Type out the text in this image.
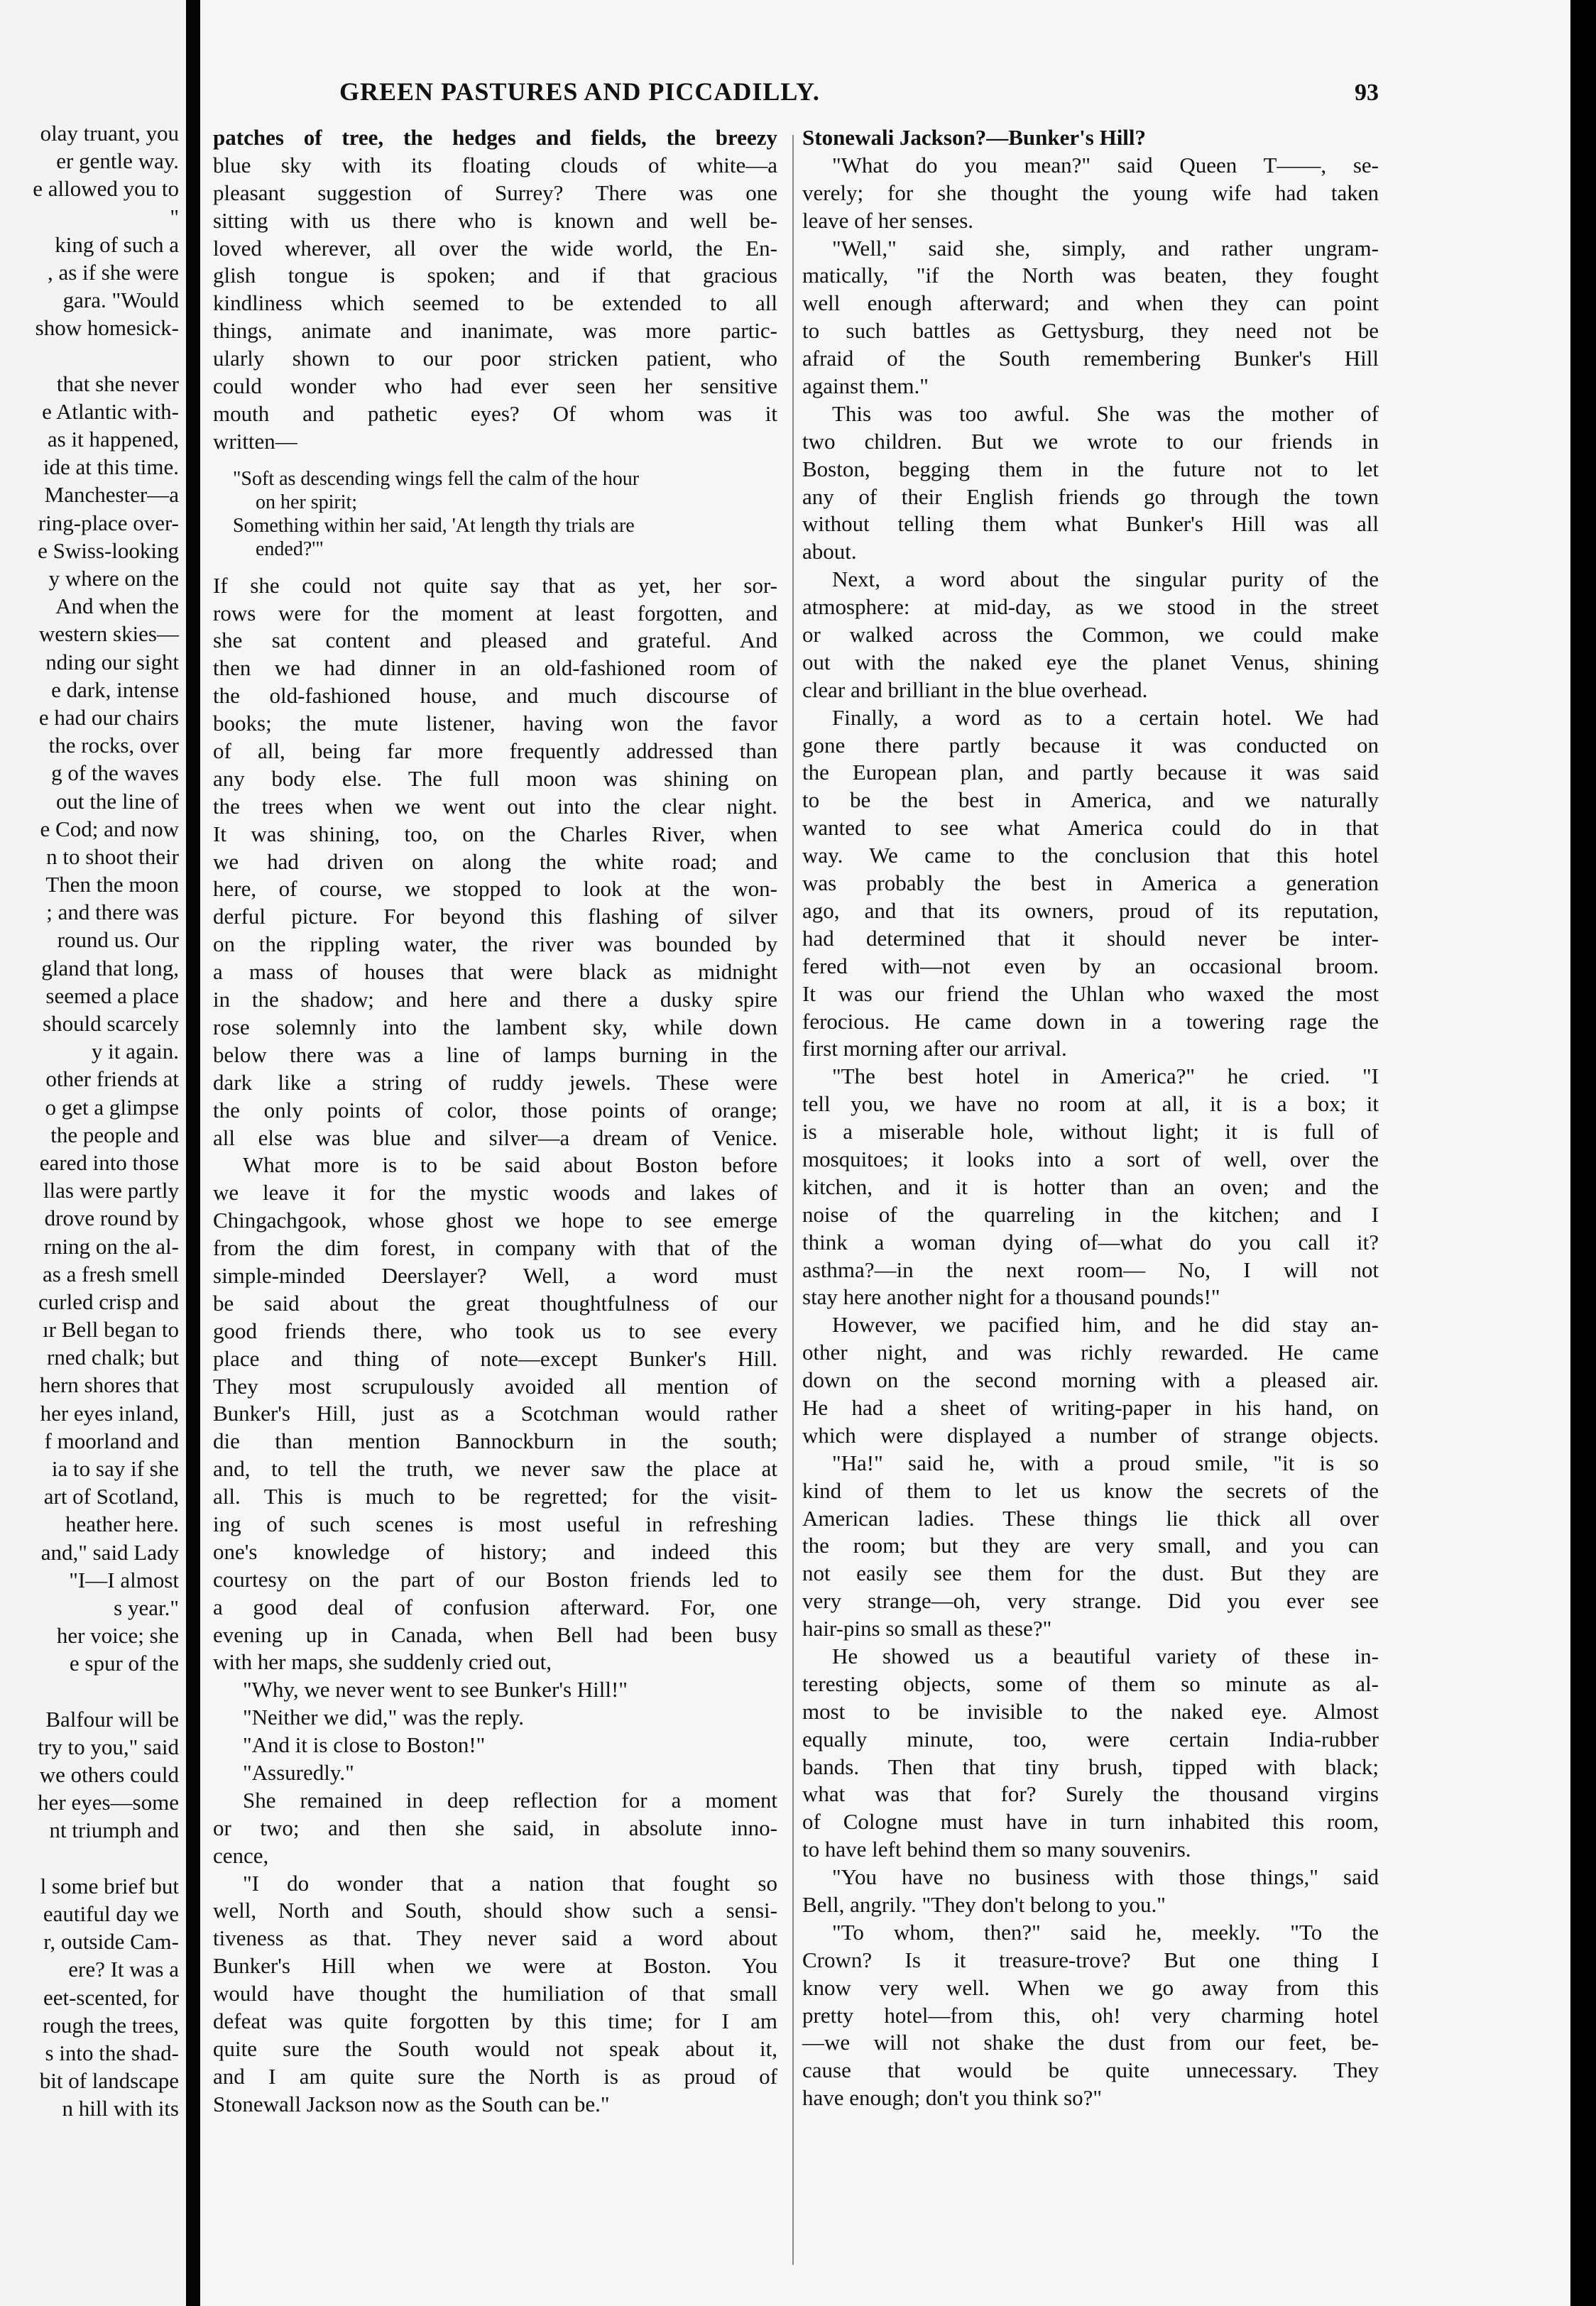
olay truant, you
er gentle way.
e allowed you to
"
king of such a
, as if she were
gara. "Would
show homesick-
that she never
e Atlantic with-
as it happened,
ide at this time.
Manchester—a
ring-place over-
e Swiss-looking
y where on the
And when the
western skies—
nding our sight
e dark, intense
e had our chairs
the rocks, over
g of the waves
out the line of
e Cod; and now
n to shoot their
Then the moon
; and there was
round us. Our
gland that long,
seemed a place
should scarcely
y it again.
other friends at
o get a glimpse
the people and
eared into those
llas were partly
drove round by
rning on the al-
as a fresh smell
curled crisp and
ır Bell began to
rned chalk; but
hern shores that
her eyes inland,
f moorland and
ia to say if she
art of Scotland,
heather here.
and," said Lady
"I—I almost
s year."
her voice; she
e spur of the
Balfour will be
try to you," said
we others could
her eyes—some
nt triumph and
l some brief but
eautiful day we
r, outside Cam-
ere? It was a
eet-scented, for
rough the trees,
s into the shad-
bit of landscape
n hill with its
GREEN PASTURES AND PICCADILLY.	93
patches of tree, the hedges and fields, the breezy
blue sky with its floating clouds of white—a
pleasant suggestion of Surrey? There was one
sitting with us there who is known and well be-
loved wherever, all over the wide world, the En-
glish tongue is spoken; and if that gracious
kindliness which seemed to be extended to all
things, animate and inanimate, was more partic-
ularly shown to our poor stricken patient, who
could wonder who had ever seen her sensitive
mouth and pathetic eyes? Of whom was it
written—
"Soft as descending wings fell the calm of the hour
on her spirit;
Something within her said, 'At length thy trials are
ended?'"
If she could not quite say that as yet, her sor-
rows were for the moment at least forgotten, and
she sat content and pleased and grateful. And
then we had dinner in an old-fashioned room of
the old-fashioned house, and much discourse of
books; the mute listener, having won the favor
of all, being far more frequently addressed than
any body else. The full moon was shining on
the trees when we went out into the clear night.
It was shining, too, on the Charles River, when
we had driven on along the white road; and
here, of course, we stopped to look at the won-
derful picture. For beyond this flashing of silver
on the rippling water, the river was bounded by
a mass of houses that were black as midnight
in the shadow; and here and there a dusky spire
rose solemnly into the lambent sky, while down
below there was a line of lamps burning in the
dark like a string of ruddy jewels. These were
the only points of color, those points of orange;
all else was blue and silver—a dream of Venice.
What more is to be said about Boston before
we leave it for the mystic woods and lakes of
Chingachgook, whose ghost we hope to see emerge
from the dim forest, in company with that of the
simple-minded Deerslayer? Well, a word must
be said about the great thoughtfulness of our
good friends there, who took us to see every
place and thing of note—except Bunker's Hill.
They most scrupulously avoided all mention of
Bunker's Hill, just as a Scotchman would rather
die than mention Bannockburn in the south;
and, to tell the truth, we never saw the place at
all. This is much to be regretted; for the visit-
ing of such scenes is most useful in refreshing
one's knowledge of history; and indeed this
courtesy on the part of our Boston friends led to
a good deal of confusion afterward. For, one
evening up in Canada, when Bell had been busy
with her maps, she suddenly cried out,
"Why, we never went to see Bunker's Hill!"
"Neither we did," was the reply.
"And it is close to Boston!"
"Assuredly."
She remained in deep reflection for a moment
or two; and then she said, in absolute inno-
cence,
"I do wonder that a nation that fought so
well, North and South, should show such a sensi-
tiveness as that. They never said a word about
Bunker's Hill when we were at Boston. You
would have thought the humiliation of that small
defeat was quite forgotten by this time; for I am
quite sure the South would not speak about it,
and I am quite sure the North is as proud of
Stonewall Jackson now as the South can be."
Stonewali Jackson?—Bunker's Hill?
"What do you mean?" said Queen T——, se-
verely; for she thought the young wife had taken
leave of her senses.
"Well," said she, simply, and rather ungram-
matically, "if the North was beaten, they fought
well enough afterward; and when they can point
to such battles as Gettysburg, they need not be
afraid of the South remembering Bunker's Hill
against them."
This was too awful. She was the mother of
two children. But we wrote to our friends in
Boston, begging them in the future not to let
any of their English friends go through the town
without telling them what Bunker's Hill was all
about.
Next, a word about the singular purity of the
atmosphere: at mid-day, as we stood in the street
or walked across the Common, we could make
out with the naked eye the planet Venus, shining
clear and brilliant in the blue overhead.
Finally, a word as to a certain hotel. We had
gone there partly because it was conducted on
the European plan, and partly because it was said
to be the best in America, and we naturally
wanted to see what America could do in that
way. We came to the conclusion that this hotel
was probably the best in America a generation
ago, and that its owners, proud of its reputation,
had determined that it should never be inter-
fered with—not even by an occasional broom.
It was our friend the Uhlan who waxed the most
ferocious. He came down in a towering rage the
first morning after our arrival.
"The best hotel in America?" he cried. "I
tell you, we have no room at all, it is a box; it
is a miserable hole, without light; it is full of
mosquitoes; it looks into a sort of well, over the
kitchen, and it is hotter than an oven; and the
noise of the quarreling in the kitchen; and I
think a woman dying of—what do you call it?
asthma?—in the next room— No, I will not
stay here another night for a thousand pounds!"
However, we pacified him, and he did stay an-
other night, and was richly rewarded. He came
down on the second morning with a pleased air.
He had a sheet of writing-paper in his hand, on
which were displayed a number of strange objects.
"Ha!" said he, with a proud smile, "it is so
kind of them to let us know the secrets of the
American ladies. These things lie thick all over
the room; but they are very small, and you can
not easily see them for the dust. But they are
very strange—oh, very strange. Did you ever see
hair-pins so small as these?"
He showed us a beautiful variety of these in-
teresting objects, some of them so minute as al-
most to be invisible to the naked eye. Almost
equally minute, too, were certain India-rubber
bands. Then that tiny brush, tipped with black;
what was that for? Surely the thousand virgins
of Cologne must have in turn inhabited this room,
to have left behind them so many souvenirs.
"You have no business with those things," said
Bell, angrily. "They don't belong to you."
"To whom, then?" said he, meekly. "To the
Crown? Is it treasure-trove? But one thing I
know very well. When we go away from this
pretty hotel—from this, oh! very charming hotel
—we will not shake the dust from our feet, be-
cause that would be quite unnecessary. They
have enough; don't you think so?"
